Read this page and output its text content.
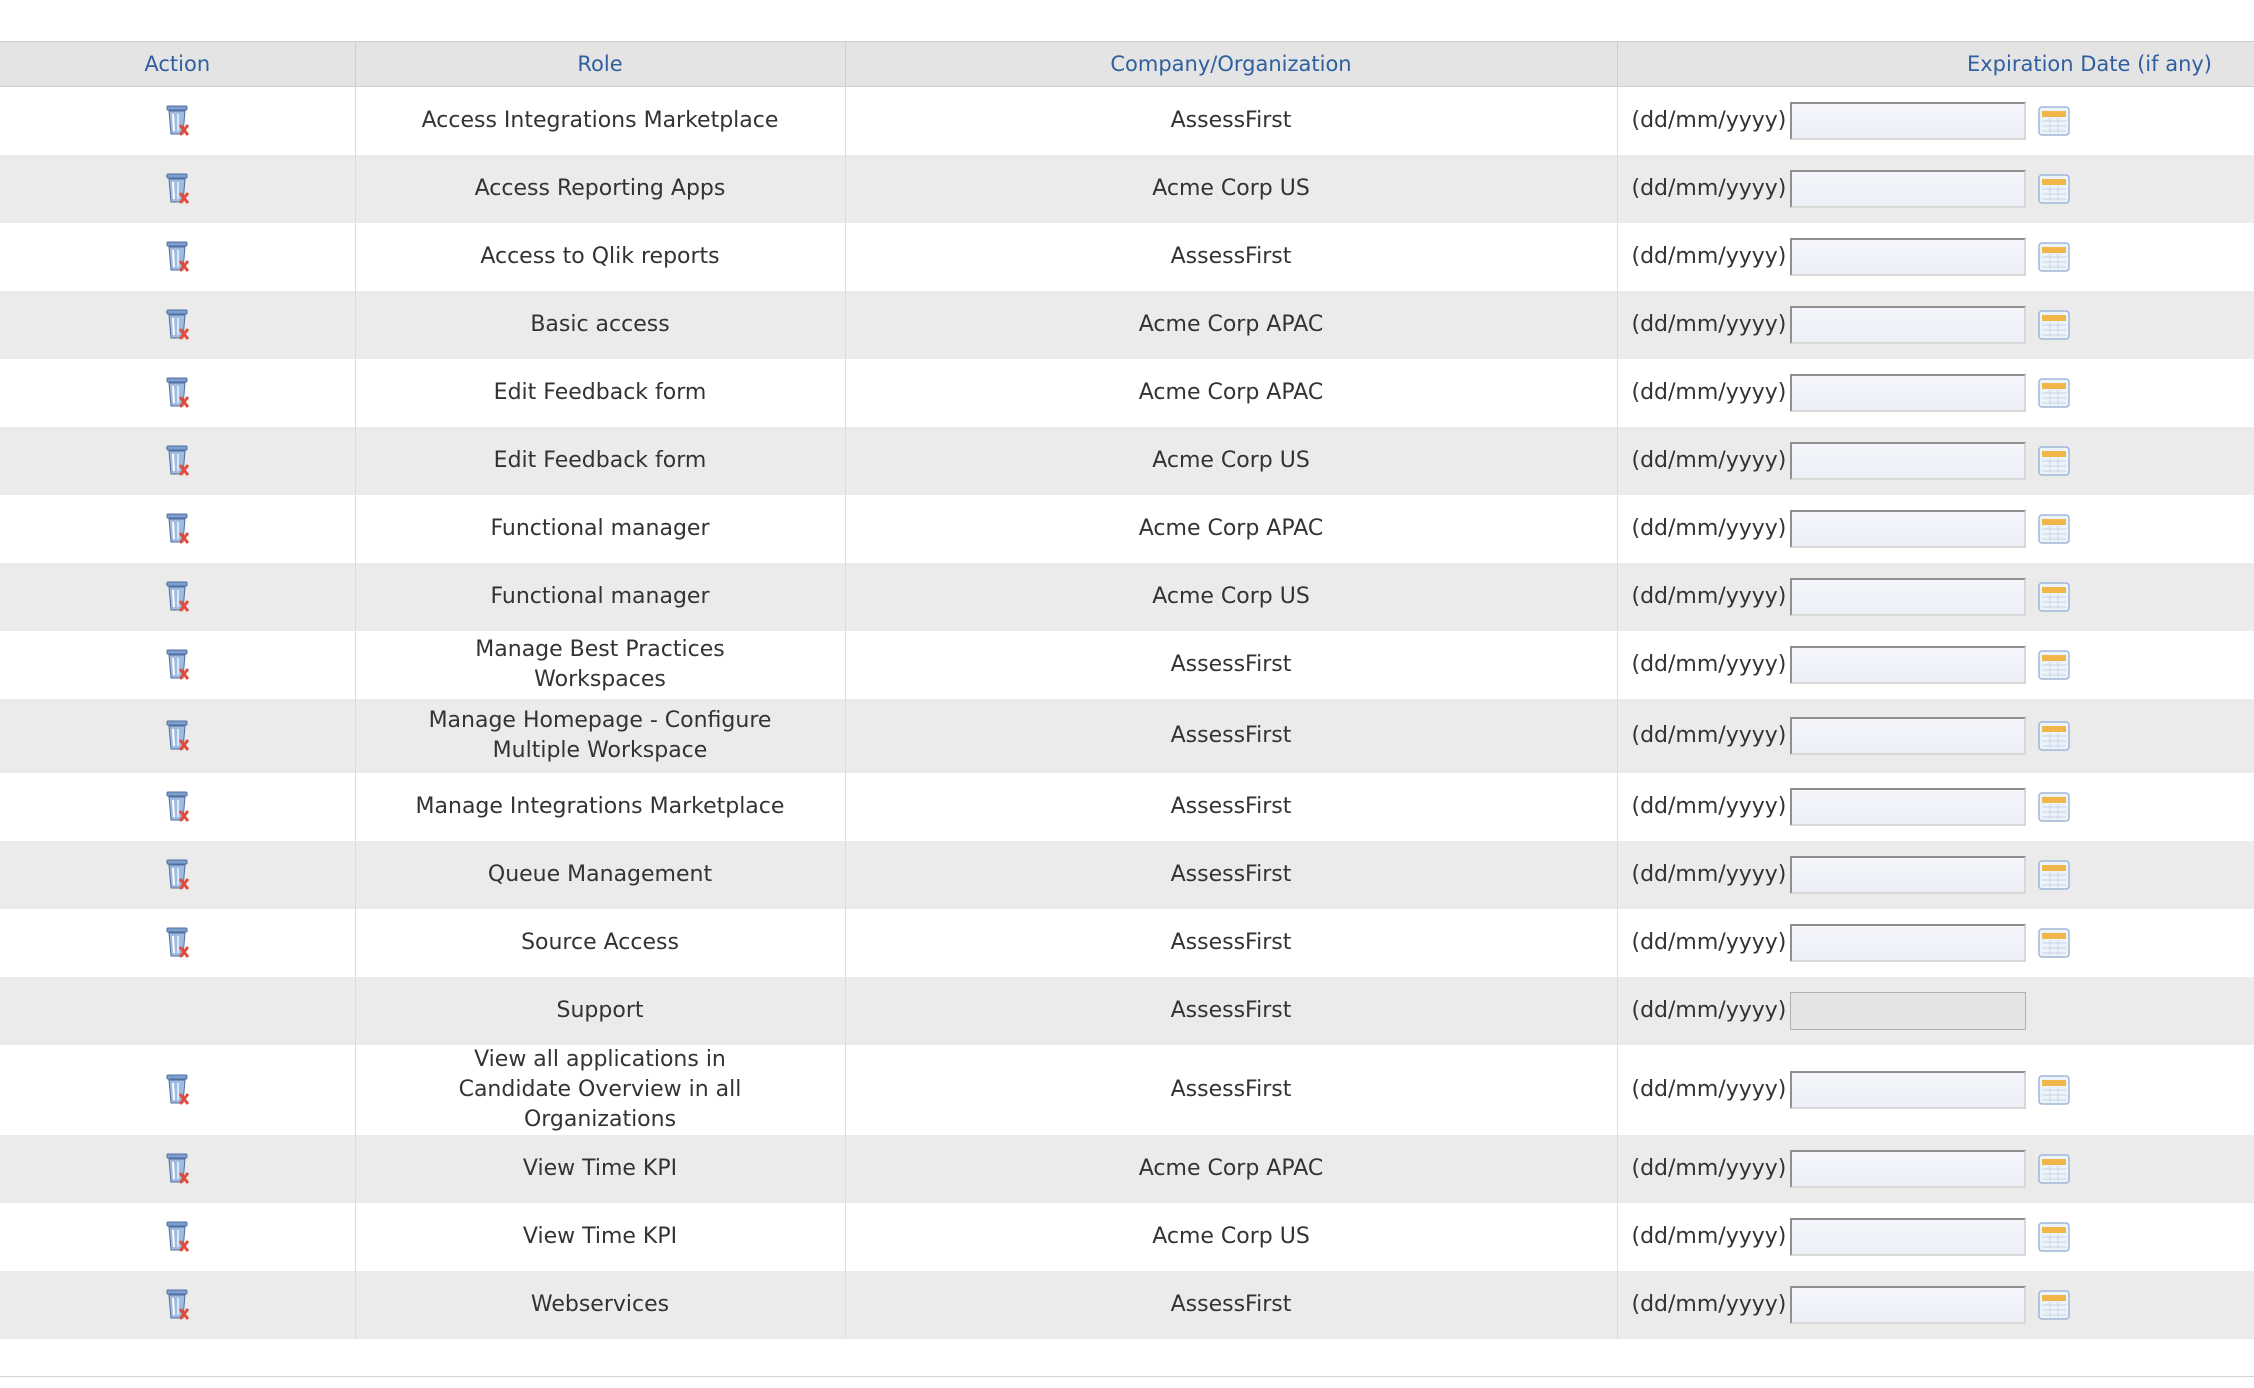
Action	Role	Company/Organization	Expiration Date (if any)

	Access Integrations Marketplace	AssessFirst	(dd/mm/yyyy)

	Access Reporting Apps	Acme Corp US	(dd/mm/yyyy)

	Access to Qlik reports	AssessFirst	(dd/mm/yyyy)

	Basic access	Acme Corp APAC	(dd/mm/yyyy)

	Edit Feedback form	Acme Corp APAC	(dd/mm/yyyy)

	Edit Feedback form	Acme Corp US	(dd/mm/yyyy)

	Functional manager	Acme Corp APAC	(dd/mm/yyyy)

	Functional manager	Acme Corp US	(dd/mm/yyyy)

	Manage Best Practices Workspaces	AssessFirst	(dd/mm/yyyy)

	Manage Homepage - Configure Multiple Workspace	AssessFirst	(dd/mm/yyyy)

	Manage Integrations Marketplace	AssessFirst	(dd/mm/yyyy)

	Queue Management	AssessFirst	(dd/mm/yyyy)

	Source Access	AssessFirst	(dd/mm/yyyy)

	Support	AssessFirst	(dd/mm/yyyy)

	View all applications in Candidate Overview in all Organizations	AssessFirst	(dd/mm/yyyy)

	View Time KPI	Acme Corp APAC	(dd/mm/yyyy)

	View Time KPI	Acme Corp US	(dd/mm/yyyy)

	Webservices	AssessFirst	(dd/mm/yyyy)
